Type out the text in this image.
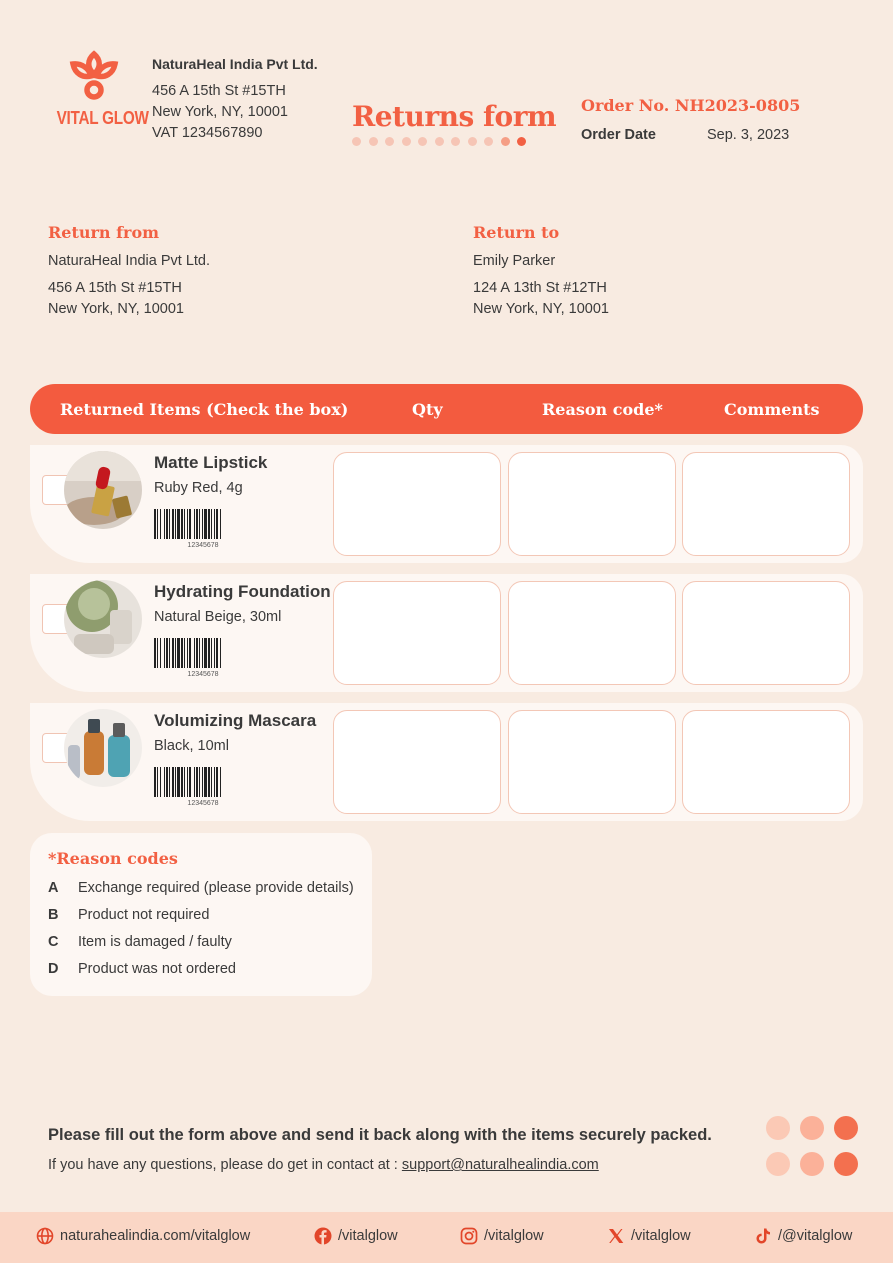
VITAL GLOW
NaturaHeal India Pvt Ltd.
456 A 15th St #15TH
New York, NY, 10001
VAT 1234567890	Returns form Order No. NH2023-0805
Order Date	Sep. 3, 2023
Return from
NaturaHeal India Pvt Ltd.
456 A 15th St #15TH
New York, NY, 10001
Return to
Emily Parker
124 A 13th St #12TH
New York, NY, 10001
Returned Items (Check the box)	Qty	Reason code*	Comments
Matte Lipstick
Ruby Red, 4g
12345678
Hydrating Foundation
Natural Beige, 30ml
12345678
Volumizing Mascara
Black, 10ml
12345678
*Reason codes
A	Exchange required (please provide details)
B	Product not required
C	Item is damaged / faulty
D	Product was not ordered
Please fill out the form above and send it back along with the items securely packed.
If you have any questions, please do get in contact at : support@naturalhealindia.com
naturahealindia.com/vitalglow	/vitalglow	/vitalglow	/vitalglow	/@vitalglow
